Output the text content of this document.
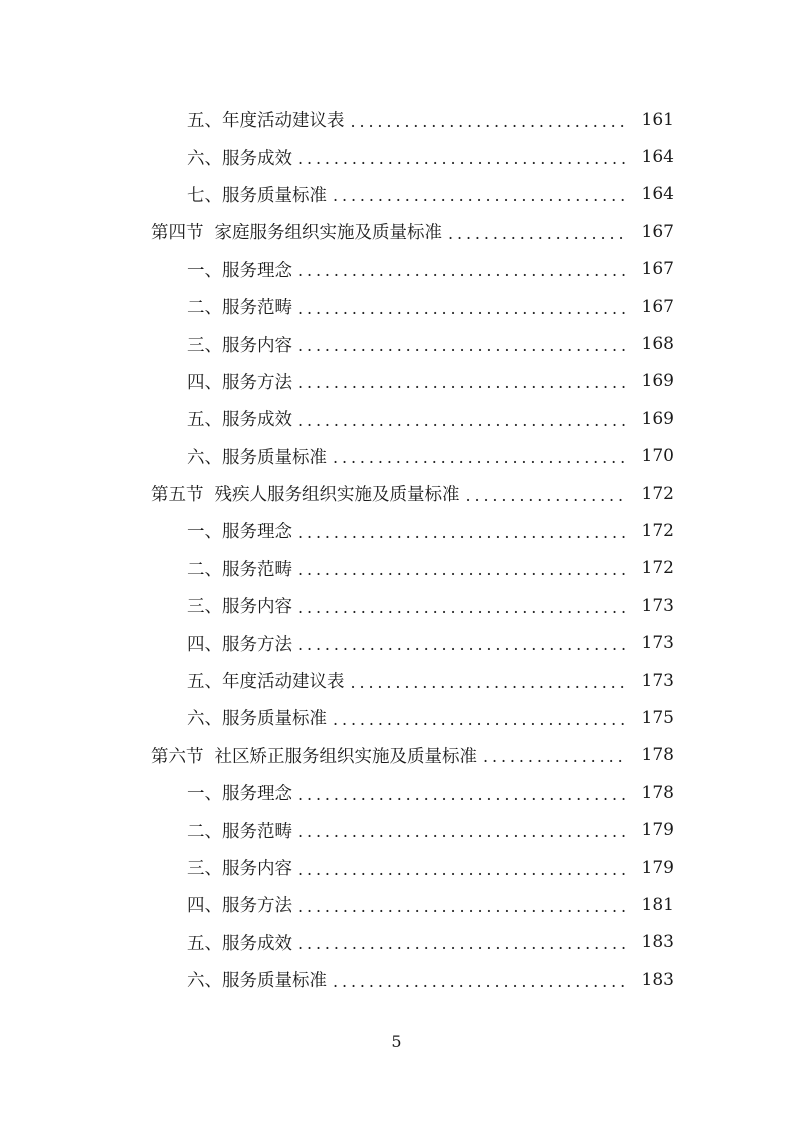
五、年度活动建议表 . . .	161
六、服务成效 . . .	164
七、服务质量标准 . . .	164
第四节 家庭服务组织实施及质量标准 . . .	167
一、服务理念 . . .	167
二、服务范畴 . . .	167
三、服务内容 . . .	168
四、服务方法 . . .	169
五、服务成效 . . .	169
六、服务质量标准 . . .	170
第五节 残疾人服务组织实施及质量标准 . . .	172
一、服务理念 . . .	172
二、服务范畴 . . .	172
三、服务内容 . . .	173
四、服务方法 . . .	173
五、年度活动建议表 . . .	173
六、服务质量标准 . . .	175
第六节 社区矫正服务组织实施及质量标准 . . .	178
一、服务理念 . . .	178
二、服务范畴 . . .	179
三、服务内容 . . .	179
四、服务方法 . . .	181
五、服务成效 . . .	183
六、服务质量标准 . . .	183
5
